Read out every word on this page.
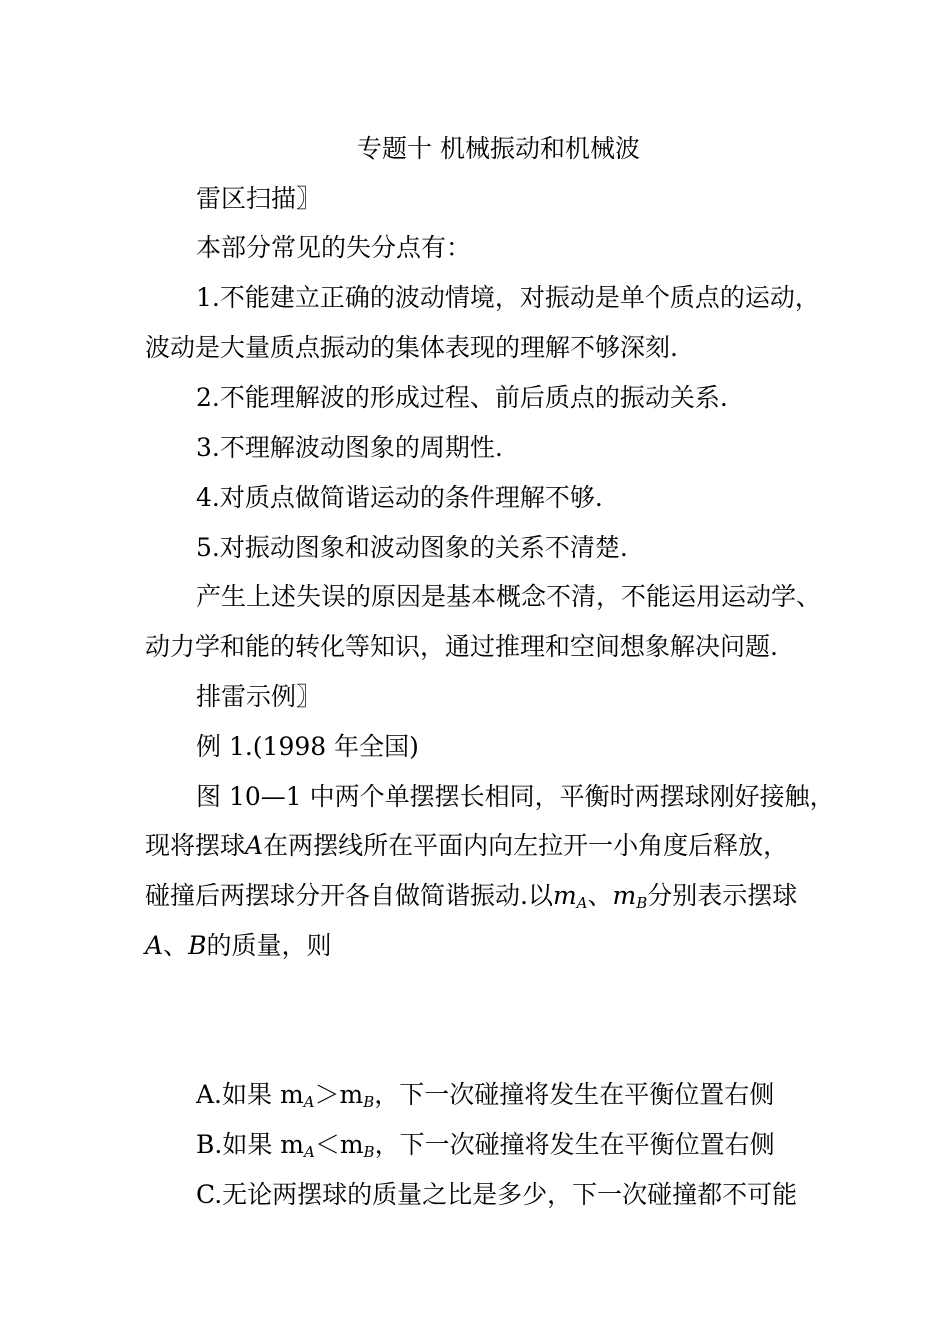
专题十 机械振动和机械波

雷区扫描〗

本部分常见的失分点有：

1.不能建立正确的波动情境，对振动是单个质点的运动，

波动是大量质点振动的集体表现的理解不够深刻.

2.不能理解波的形成过程、前后质点的振动关系.

3.不理解波动图象的周期性.

4.对质点做简谐运动的条件理解不够.

5.对振动图象和波动图象的关系不清楚.

产生上述失误的原因是基本概念不清，不能运用运动学、

动力学和能的转化等知识，通过推理和空间想象解决问题.

排雷示例〗

例 1.(1998 年全国)

图 10—1 中两个单摆摆长相同，平衡时两摆球刚好接触，

现将摆球A在两摆线所在平面内向左拉开一小角度后释放，

碰撞后两摆球分开各自做简谐振动.以$m_A$、$m_B$分别表示摆球

A、B的质量，则

A.如果 $m_A>m_B$，下一次碰撞将发生在平衡位置右侧

B.如果 $m_A<m_B$，下一次碰撞将发生在平衡位置右侧

C.无论两摆球的质量之比是多少，下一次碰撞都不可能
